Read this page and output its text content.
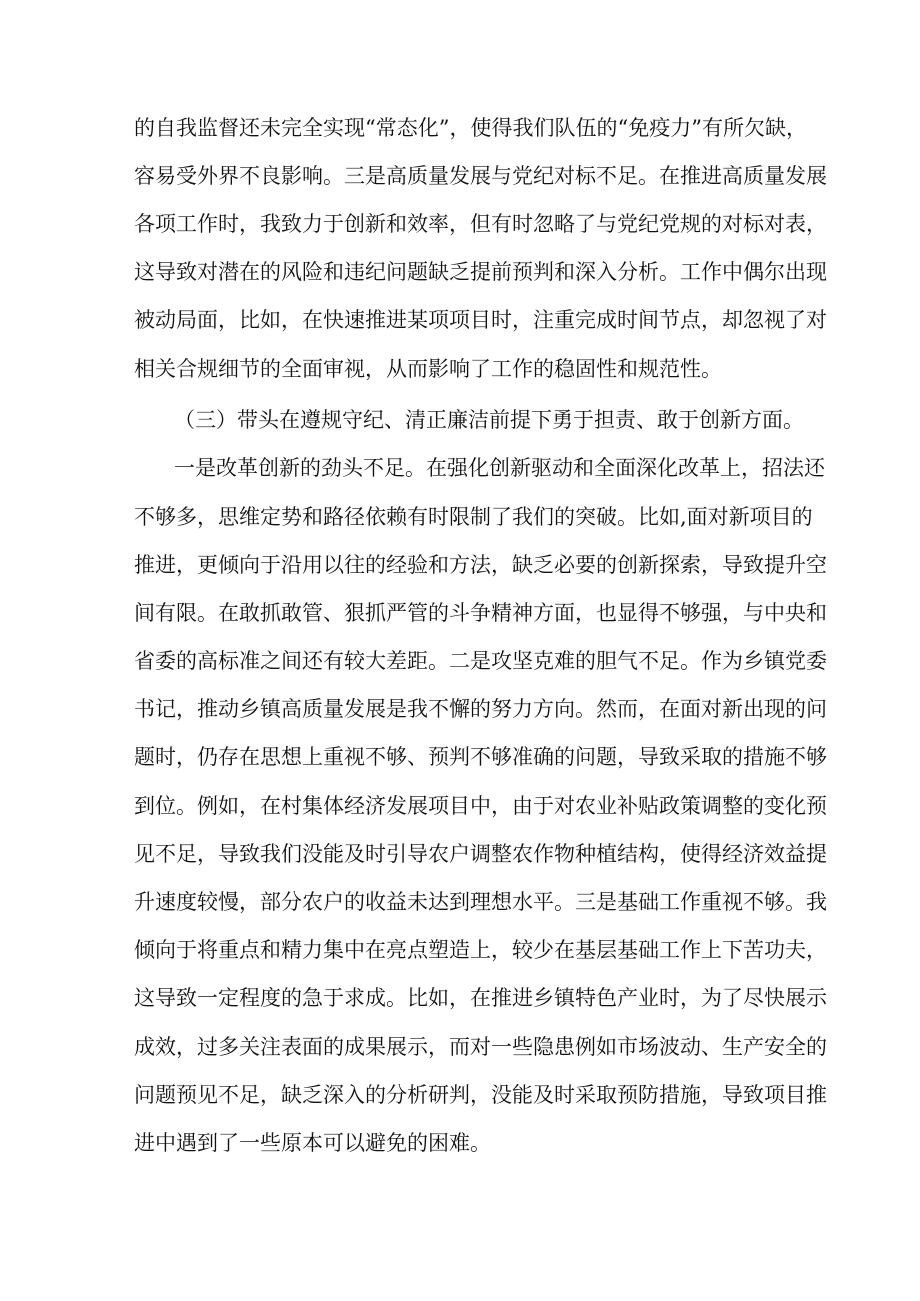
的自我监督还未完全实现“常态化”，使得我们队伍的“免疫力”有所欠缺，
容易受外界不良影响。三是高质量发展与党纪对标不足。在推进高质量发展
各项工作时，我致力于创新和效率，但有时忽略了与党纪党规的对标对表，
这导致对潜在的风险和违纪问题缺乏提前预判和深入分析。工作中偶尔出现
被动局面，比如，在快速推进某项项目时，注重完成时间节点，却忽视了对
相关合规细节的全面审视，从而影响了工作的稳固性和规范性。
（三）带头在遵规守纪、清正廉洁前提下勇于担责、敢于创新方面。
一是改革创新的劲头不足。在强化创新驱动和全面深化改革上，招法还
不够多，思维定势和路径依赖有时限制了我们的突破。比如,面对新项目的
推进，更倾向于沿用以往的经验和方法，缺乏必要的创新探索，导致提升空
间有限。在敢抓敢管、狠抓严管的斗争精神方面，也显得不够强，与中央和
省委的高标准之间还有较大差距。二是攻坚克难的胆气不足。作为乡镇党委
书记，推动乡镇高质量发展是我不懈的努力方向。然而，在面对新出现的问
题时，仍存在思想上重视不够、预判不够准确的问题，导致采取的措施不够
到位。例如，在村集体经济发展项目中，由于对农业补贴政策调整的变化预
见不足，导致我们没能及时引导农户调整农作物种植结构，使得经济效益提
升速度较慢，部分农户的收益未达到理想水平。三是基础工作重视不够。我
倾向于将重点和精力集中在亮点塑造上，较少在基层基础工作上下苦功夫，
这导致一定程度的急于求成。比如，在推进乡镇特色产业时，为了尽快展示
成效，过多关注表面的成果展示，而对一些隐患例如市场波动、生产安全的
问题预见不足，缺乏深入的分析研判，没能及时采取预防措施，导致项目推
进中遇到了一些原本可以避免的困难。
